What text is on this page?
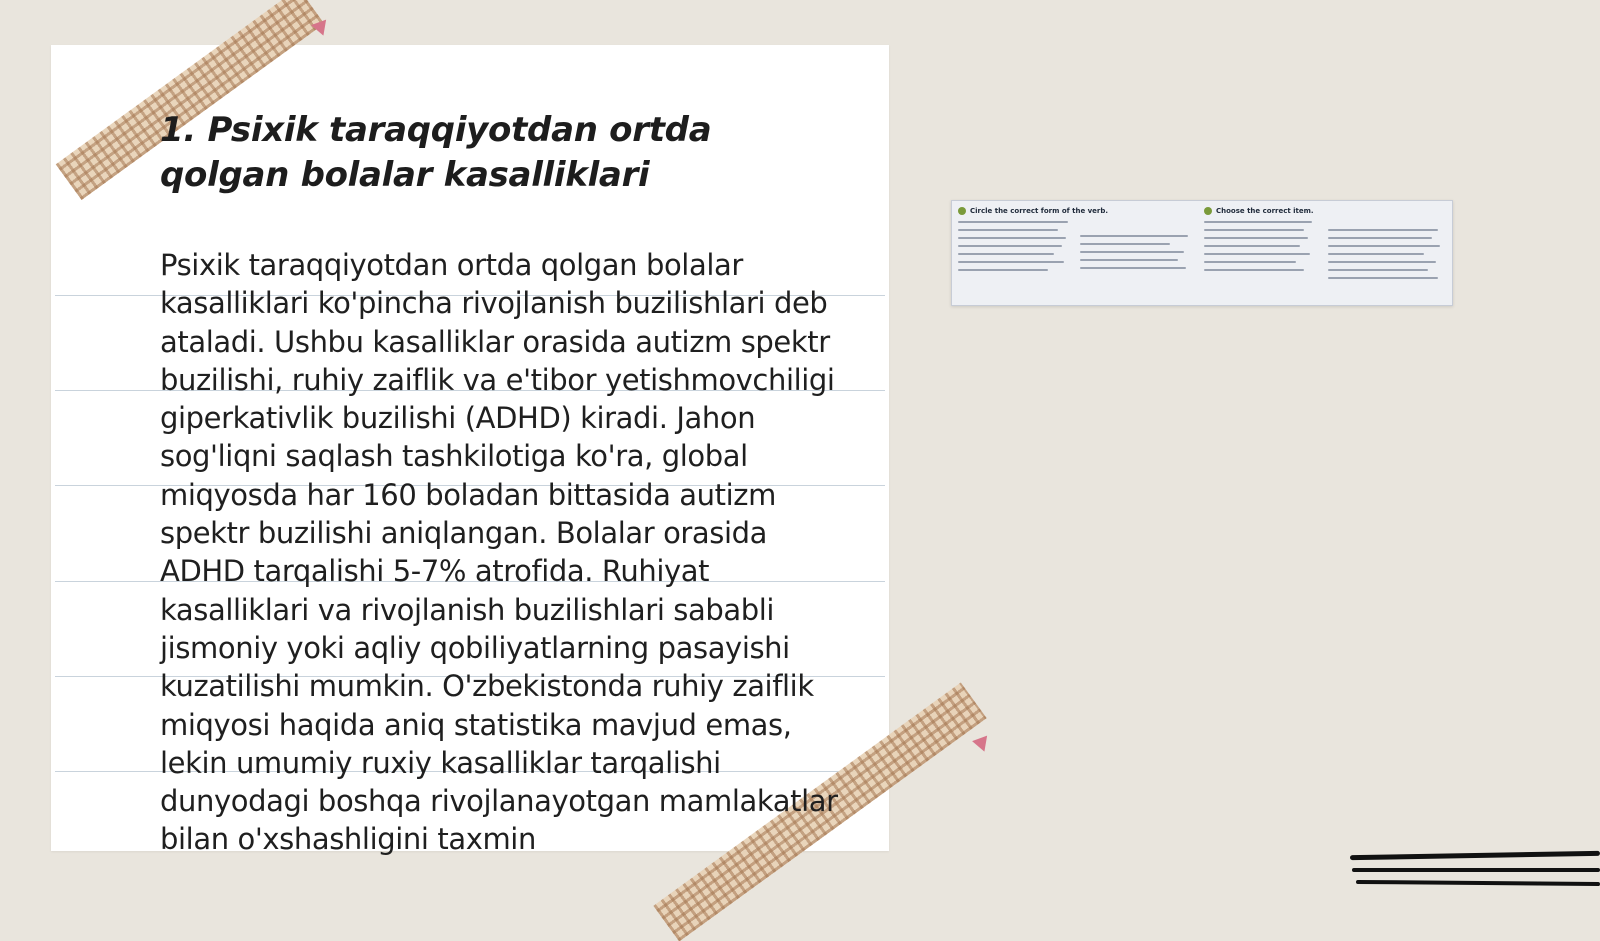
1. Psixik taraqqiyotdan ortda qolgan bolalar kasalliklari

Psixik taraqqiyotdan ortda qolgan bolalar kasalliklari ko'pincha rivojlanish buzilishlari deb ataladi. Ushbu kasalliklar orasida autizm spektr buzilishi, ruhiy zaiflik va e'tibor yetishmovchiligi giperkativlik buzilishi (ADHD) kiradi. Jahon sog'liqni saqlash tashkilotiga ko'ra, global miqyosda har 160 boladan bittasida autizm spektr buzilishi aniqlangan. Bolalar orasida ADHD tarqalishi 5-7% atrofida. Ruhiyat kasalliklari va rivojlanish buzilishlari sababli jismoniy yoki aqliy qobiliyatlarning pasayishi kuzatilishi mumkin. O'zbekistonda ruhiy zaiflik miqyosi haqida aniq statistika mavjud emas, lekin umumiy ruxiy kasalliklar tarqalishi dunyodagi boshqa rivojlanayotgan mamlakatlar bilan o'xshashligini taxmin

Circle the correct form of the verb.	Choose the correct item.
